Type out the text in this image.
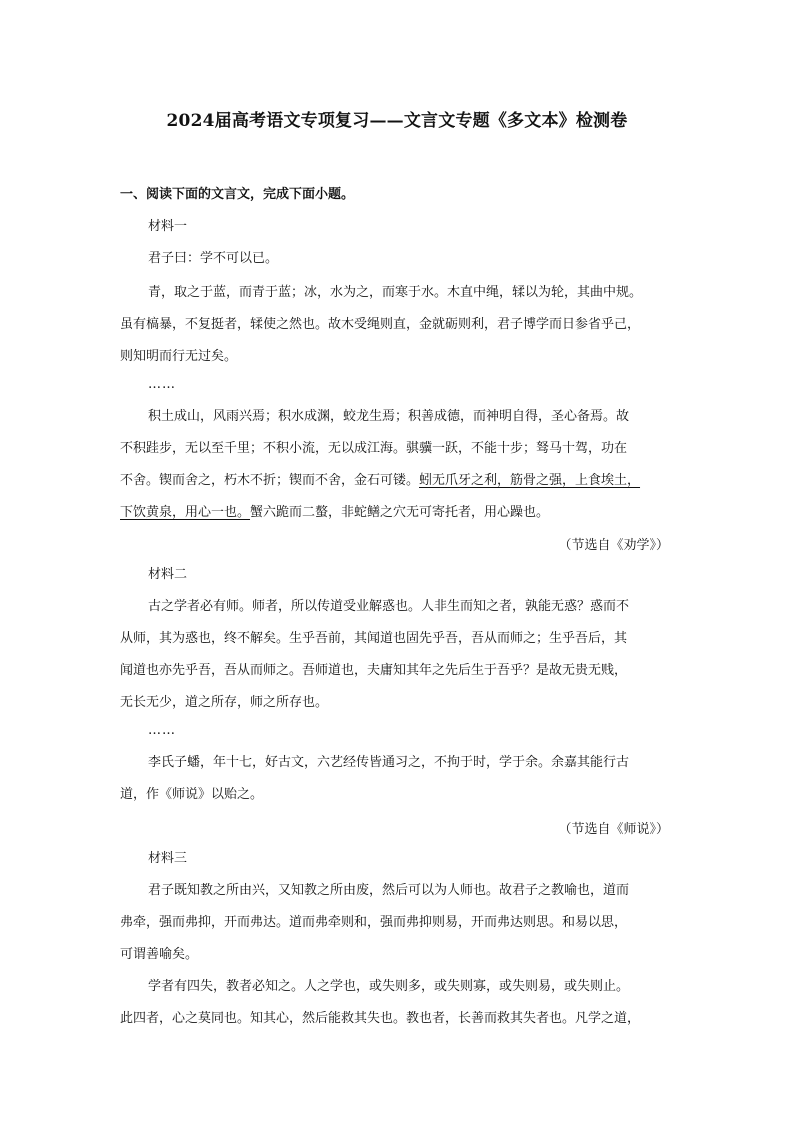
2024届高考语文专项复习——文言文专题《多文本》检测卷
一、阅读下面的文言文，完成下面小题。
材料一
君子曰：学不可以已。
青，取之于蓝，而青于蓝；冰，水为之，而寒于水。木直中绳，𫐓以为轮，其曲中规。
虽有槁暴，不复挺者，𫐓使之然也。故木受绳则直，金就砺则利，君子博学而日参省乎己，
则知明而行无过矣。
……
积土成山，风雨兴焉；积水成渊，蛟龙生焉；积善成德，而神明自得，圣心备焉。故
不积跬步，无以至千里；不积小流，无以成江海。骐骥一跃，不能十步；驽马十驾，功在
不舍。锲而舍之，朽木不折；锲而不舍，金石可镂。蚓无爪牙之利，筋骨之强，上食埃土，
下饮黄泉，用心一也。蟹六跪而二螯，非蛇鳝之穴无可寄托者，用心躁也。
（节选自《劝学》）
材料二
古之学者必有师。师者，所以传道受业解惑也。人非生而知之者，孰能无惑？惑而不
从师，其为惑也，终不解矣。生乎吾前，其闻道也固先乎吾，吾从而师之；生乎吾后，其
闻道也亦先乎吾，吾从而师之。吾师道也，夫庸知其年之先后生于吾乎？是故无贵无贱，
无长无少，道之所存，师之所存也。
……
李氏子蟠，年十七，好古文，六艺经传皆通习之，不拘于时，学于余。余嘉其能行古
道，作《师说》以贻之。
（节选自《师说》）
材料三
君子既知教之所由兴，又知教之所由废，然后可以为人师也。故君子之教喻也，道而
弗牵，强而弗抑，开而弗达。道而弗牵则和，强而弗抑则易，开而弗达则思。和易以思，
可谓善喻矣。
学者有四失，教者必知之。人之学也，或失则多，或失则寡，或失则易，或失则止。
此四者，心之莫同也。知其心，然后能救其失也。教也者，长善而救其失者也。凡学之道，
